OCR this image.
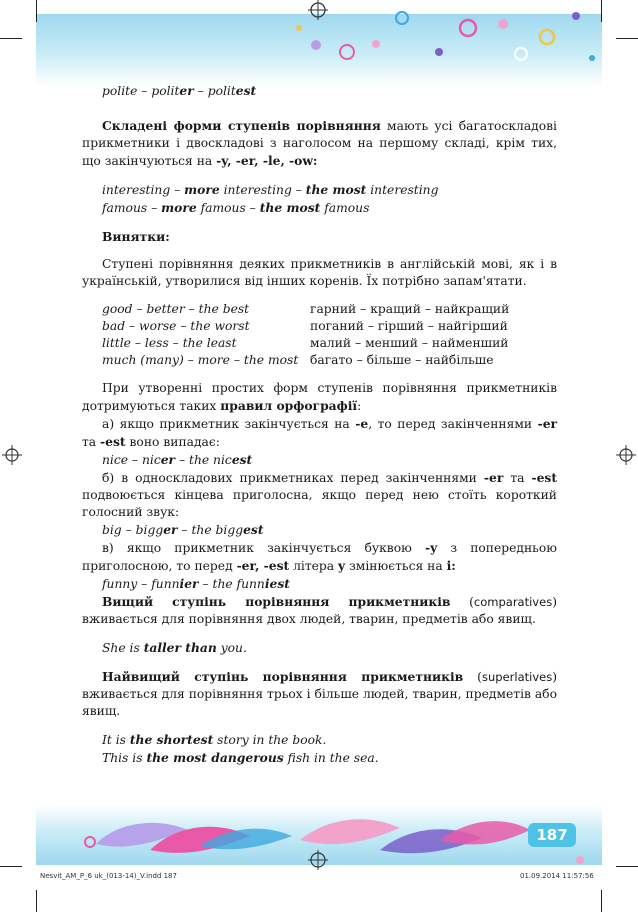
polite – politer – politest

Складені форми ступенів порівняння мають усі багатоскладові прикметники і двоскладові з наголосом на першому складі, крім тих, що закінчуються на -y, -er, -le, -ow:

interesting – more interesting – the most interesting

famous – more famous – the most famous

Винятки:

Ступені порівняння деяких прикметників в англійській мові, як і в українській, утворилися від інших коренів. Їх потрібно запам'ятати.

good – better – the best	гарний – кращий – найкращий
bad – worse – the worst	поганий – гірший – найгірший
little – less – the least	малий – менший – найменший
much (many) – more – the most багато – більше – найбільше

При утворенні простих форм ступенів порівняння прикметників дотримуються таких правил орфографії:

а) якщо прикметник закінчується на -e, то перед закінченнями -er та -est воно випадає:

nice – nicer – the nicest

б) в односкладових прикметниках перед закінченнями -er та -est подвоюється кінцева приголосна, якщо перед нею стоїть короткий голосний звук:

big – bigger – the biggest

в) якщо прикметник закінчується буквою -y з попередньою приголосною, то перед -er, -est літера y змінюється на i:

funny – funnier – the funniest

Вищий ступінь порівняння прикметників (comparatives) вживається для порівняння двох людей, тварин, предметів або явищ.

She is taller than you.

Найвищий ступінь порівняння прикметників (superlatives) вживається для порівняння трьох і більше людей, тварин, предметів або явищ.

It is the shortest story in the book.

This is the most dangerous fish in the sea.

187
Nesvit_AM_P_6 uk_(013-14)_V.indd 187	01.09.2014 11:57:56
